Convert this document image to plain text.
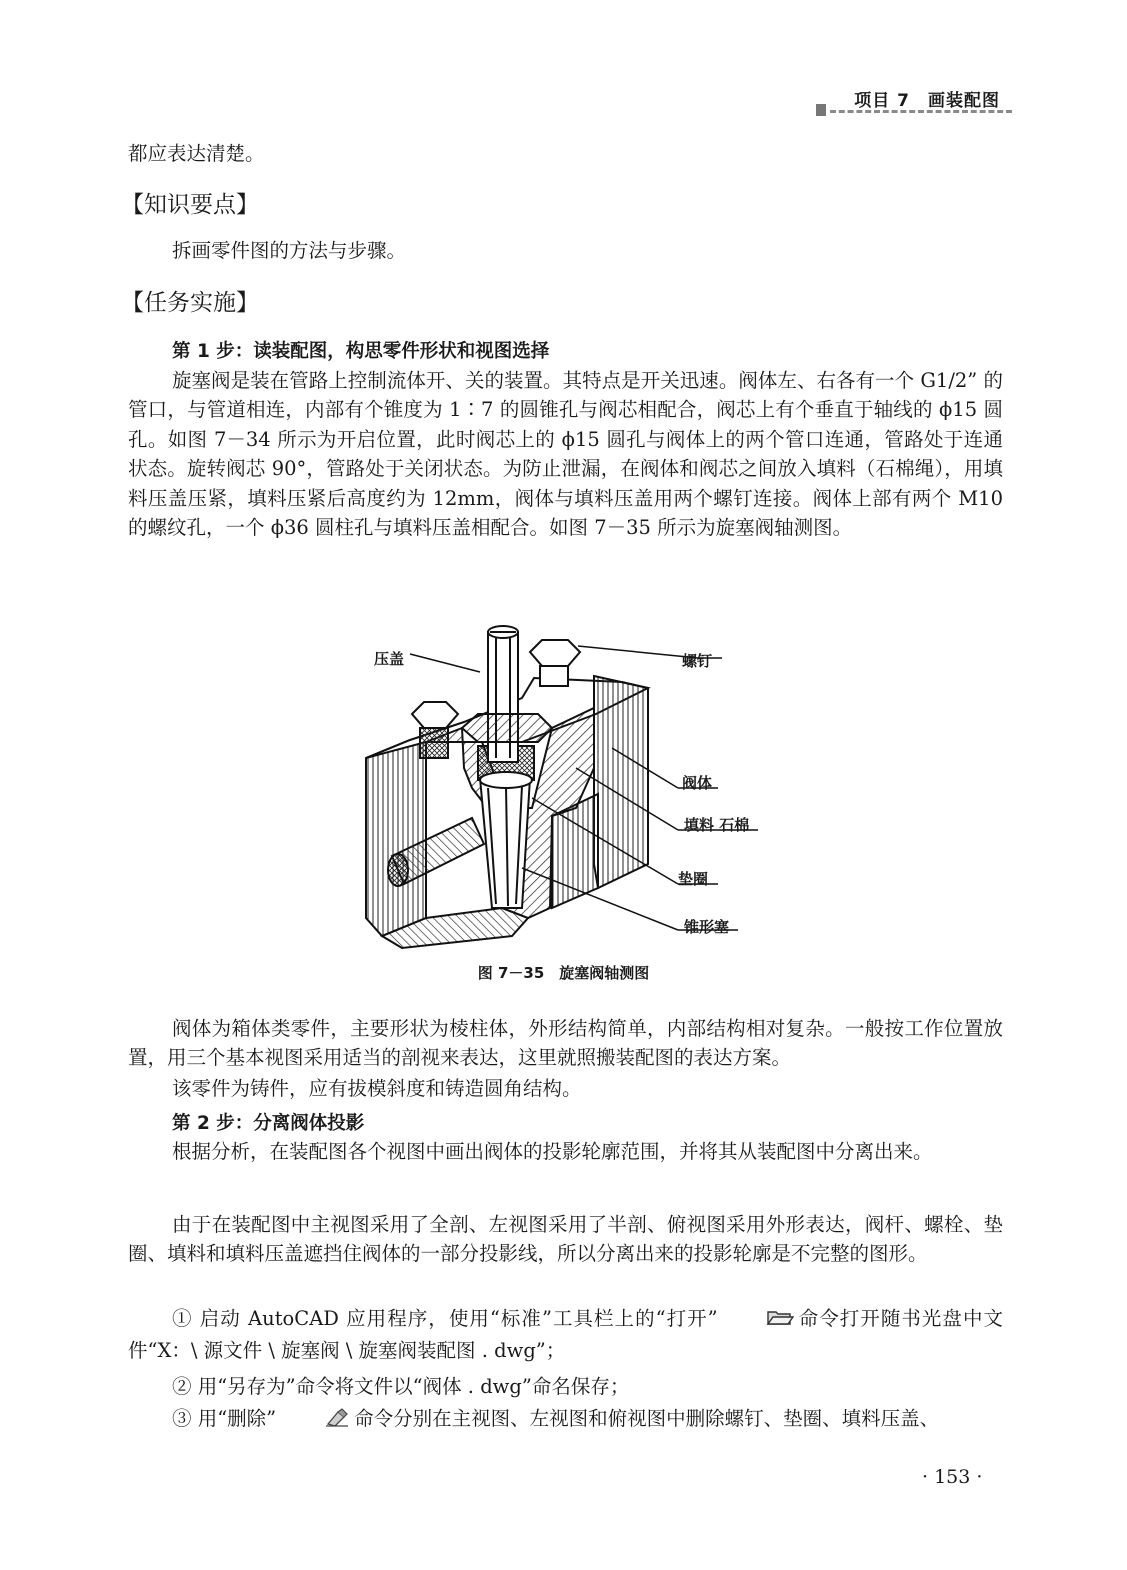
项目 7　画装配图

都应表达清楚。

【知识要点】

拆画零件图的方法与步骤。

【任务实施】
第 1 步：读装配图，构思零件形状和视图选择

旋塞阀是装在管路上控制流体开、关的装置。其特点是开关迅速。阀体左、右各有一个 G1/2” 的管口，与管道相连，内部有个锥度为 1∶7 的圆锥孔与阀芯相配合，阀芯上有个垂直于轴线的 ϕ15 圆孔。如图 7－34 所示为开启位置，此时阀芯上的 ϕ15 圆孔与阀体上的两个管口连通，管路处于连通状态。旋转阀芯 90°，管路处于关闭状态。为防止泄漏，在阀体和阀芯之间放入填料（石棉绳），用填料压盖压紧，填料压紧后高度约为 12mm，阀体与填料压盖用两个螺钉连接。阀体上部有两个 M10 的螺纹孔，一个 ϕ36 圆柱孔与填料压盖相配合。如图 7－35 所示为旋塞阀轴测图。

压盖	螺钉
阀体
填料 石棉
垫圈
锥形塞
图 7－35　旋塞阀轴测图

阀体为箱体类零件，主要形状为棱柱体，外形结构简单，内部结构相对复杂。一般按工作位置放置，用三个基本视图采用适当的剖视来表达，这里就照搬装配图的表达方案。

该零件为铸件，应有拔模斜度和铸造圆角结构。

第 2 步：分离阀体投影

根据分析，在装配图各个视图中画出阀体的投影轮廓范围，并将其从装配图中分离出来。

由于在装配图中主视图采用了全剖、左视图采用了半剖、俯视图采用外形表达，阀杆、螺栓、垫圈、填料和填料压盖遮挡住阀体的一部分投影线，所以分离出来的投影轮廓是不完整的图形。

① 启动 AutoCAD 应用程序，使用“标准”工具栏上的“打开”	命令打开随书光盘中文件“X：\ 源文件 \ 旋塞阀 \ 旋塞阀装配图 . dwg”；

② 用“另存为”命令将文件以“阀体 . dwg”命名保存；

③ 用“删除”	命令分别在主视图、左视图和俯视图中删除螺钉、垫圈、填料压盖、

· 153 ·
